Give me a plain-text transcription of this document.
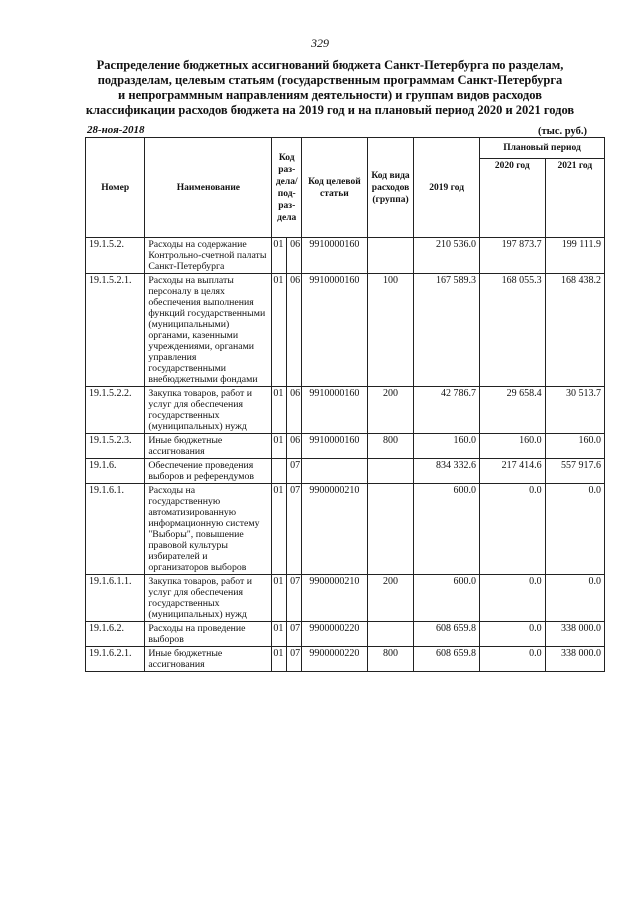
329
Распределение бюджетных ассигнований бюджета Санкт-Петербурга по разделам,
подразделам, целевым статьям (государственным программам Санкт-Петербурга
и непрограммным направлениям деятельности) и группам видов расходов
классификации расходов бюджета на 2019 год и на плановый период 2020 и 2021 годов
28-ноя-2018	(тыс. руб.)
Номер	Наименование	Код раз-дела/ под-раз-дела		Код целевой статьи	Код вида расходов (группа)	2019 год	Плановый период	
							2020 год	2021 год
19.1.5.2.	Расходы на содержание Контрольно-счетной палаты Санкт-Петербурга	01	06	9910000160		210 536.0	197 873.7	199 111.9
19.1.5.2.1.	Расходы на выплаты персоналу в целях обеспечения выполнения функций государственными (муниципальными) органами, казенными учреждениями, органами управления государственными внебюджетными фондами	01	06	9910000160	100	167 589.3	168 055.3	168 438.2
19.1.5.2.2.	Закупка товаров, работ и услуг для обеспечения государственных (муниципальных) нужд	01	06	9910000160	200	42 786.7	29 658.4	30 513.7
19.1.5.2.3.	Иные бюджетные ассигнования	01	06	9910000160	800	160.0	160.0	160.0
19.1.6.	Обеспечение проведения выборов и референдумов		07			834 332.6	217 414.6	557 917.6
19.1.6.1.	Расходы на государственную автоматизированную информационную систему "Выборы", повышение правовой культуры избирателей и организаторов выборов	01	07	9900000210		600.0	0.0	0.0
19.1.6.1.1.	Закупка товаров, работ и услуг для обеспечения государственных (муниципальных) нужд	01	07	9900000210	200	600.0	0.0	0.0
19.1.6.2.	Расходы на проведение выборов	01	07	9900000220		608 659.8	0.0	338 000.0
19.1.6.2.1.	Иные бюджетные ассигнования	01	07	9900000220	800	608 659.8	0.0	338 000.0
